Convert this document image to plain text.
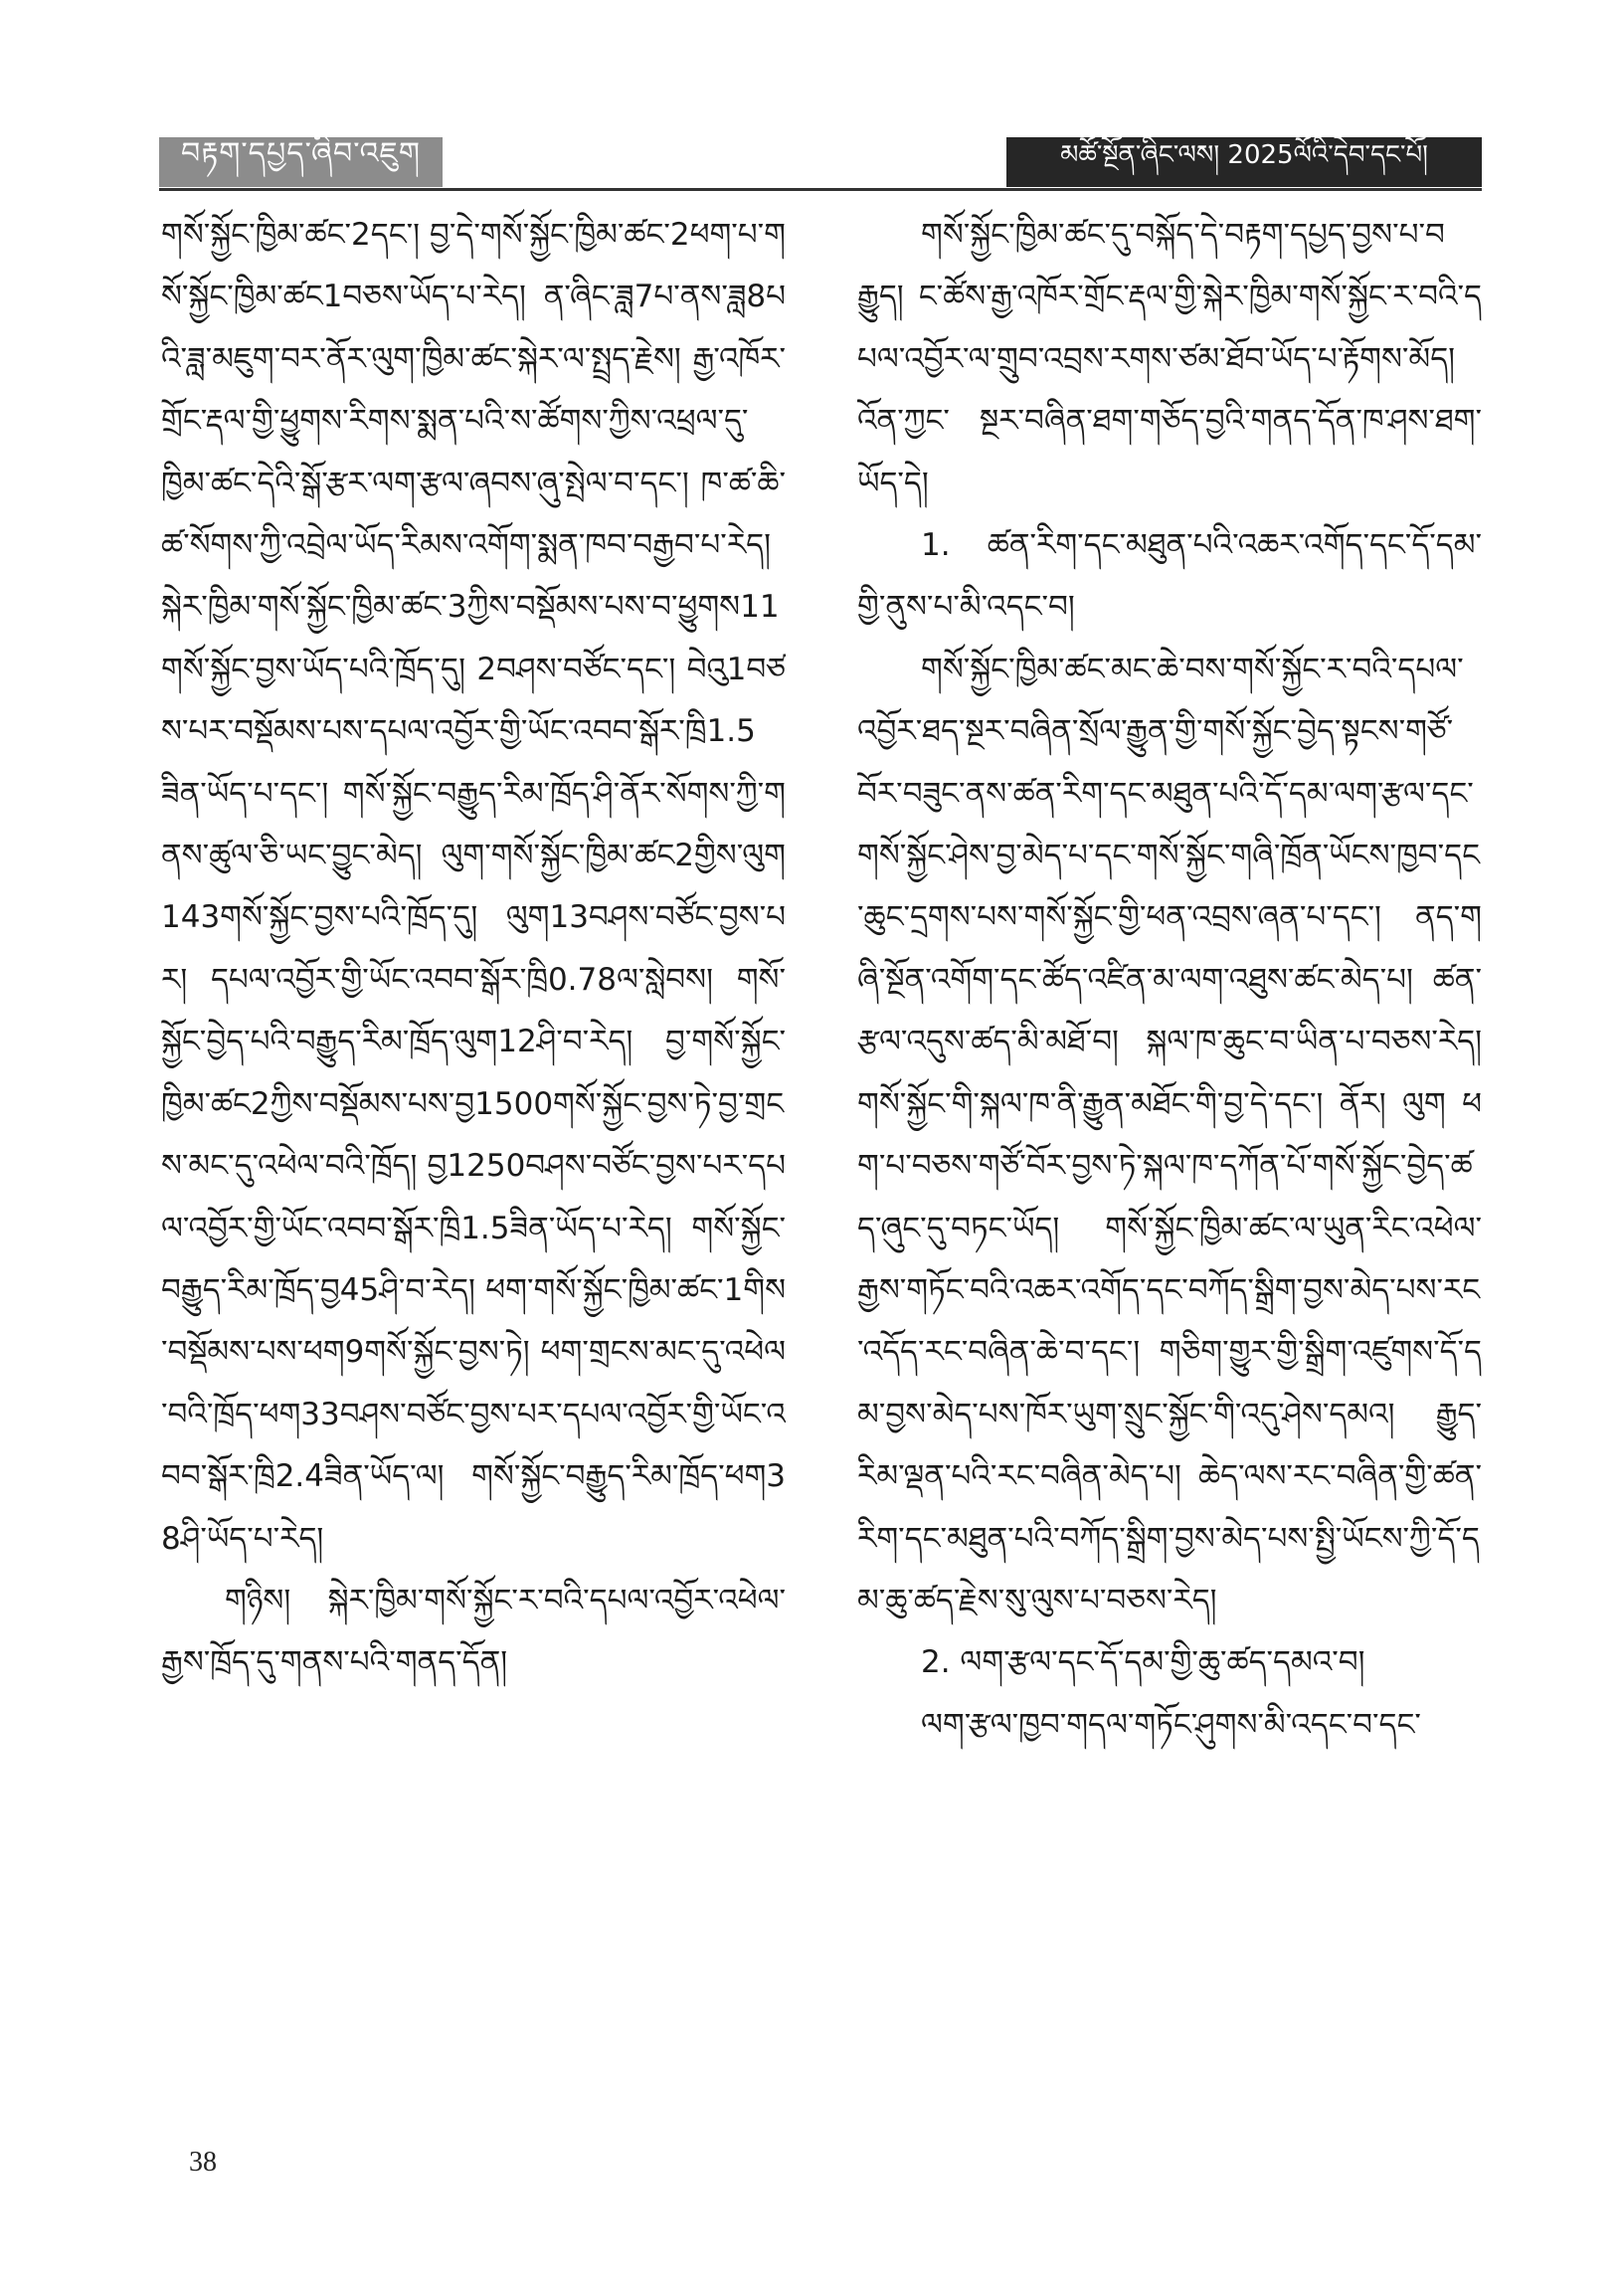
བརྟག་དཔྱད་ཞིབ་འཇུག	མཚོ་སྔོན་ཞིང་ལས། 2025ལོའི་དེབ་དང་པོ།

གསོ་སྐྱོང་ཁྱིམ་ཚང་2དང་། བྱ་དེ་གསོ་སྐྱོང་ཁྱིམ་ཚང་2ཕག་པ་གསོ་སྐྱོང་ཁྱིམ་ཚང1བཅས་ཡོད་པ་རེད། ན་ཞིང་ཟླ7པ་ནས་ཟླ8པའི་ཟླ་མཇུག་བར་ནོར་ལུག་ཁྱིམ་ཚང་སྐེར་ལ་སྤྲད་རྗེས། རྒྱ་འཁོར་གྲོང་རྡལ་གྱི་ཕྱུགས་རིགས་སྨན་པའི་ས་ཚོགས་ཀྱིས་འཕྲལ་དུ་ཁྱིམ་ཚང་དེའི་སྒོ་རྩར་ལག་རྩལ་ཞབས་ཞུ་སྤེལ་བ་དང་། ཁ་ཚ་ཆི་ཚ་སོགས་ཀྱི་འབྲེལ་ཡོད་རིམས་འགོག་སྨན་ཁབ་བརྒྱབ་པ་རེད། སྐེར་ཁྱིམ་གསོ་སྐྱོང་ཁྱིམ་ཚང་3ཀྱིས་བསྡོམས་པས་བ་ཕྱུགས11གསོ་སྐྱོང་བྱས་ཡོད་པའི་ཁྲོད་དུ། 2བཤས་བཙོང་དང་། བེའུ1བཙས་པར་བསྡོམས་པས་དཔལ་འབྱོར་གྱི་ཡོང་འབབ་སྒོར་ཁྲི1.5ཟིན་ཡོད་པ་དང་། གསོ་སྐྱོང་བརྒྱུད་རིམ་ཁྲོད་ཤི་ནོར་སོགས་ཀྱི་གནས་ཚུལ་ཅི་ཡང་བྱུང་མེད། ལུག་གསོ་སྐྱོང་ཁྱིམ་ཚང2གྱིས་ལུག143གསོ་སྐྱོང་བྱས་པའི་ཁྲོད་དུ། ལུག13བཤས་བཙོང་བྱས་པར། དཔལ་འབྱོར་གྱི་ཡོང་འབབ་སྒོར་ཁྲི0.78ལ་སླེབས། གསོ་སྐྱོང་བྱེད་པའི་བརྒྱུད་རིམ་ཁྲོད་ལུག12ཤི་བ་རེད། བྱ་གསོ་སྐྱོང་ཁྱིམ་ཚང2ཀྱིས་བསྡོམས་པས་བྱ1500གསོ་སྐྱོང་བྱས་ཏེ་བྱ་གྲངས་མང་དུ་འཕེལ་བའི་ཁྲོད། བྱ1250བཤས་བཙོང་བྱས་པར་དཔལ་འབྱོར་གྱི་ཡོང་འབབ་སྒོར་ཁྲི1.5ཟིན་ཡོད་པ་རེད། གསོ་སྐྱོང་བརྒྱུད་རིམ་ཁྲོད་བྱ45ཤི་བ་རེད། ཕག་གསོ་སྐྱོང་ཁྱིམ་ཚང་1གིས་བསྡོམས་པས་ཕག9གསོ་སྐྱོང་བྱས་ཏེ། ཕག་གྲངས་མང་དུ་འཕེལ་བའི་ཁྲོད་ཕག33བཤས་བཙོང་བྱས་པར་དཔལ་འབྱོར་གྱི་ཡོང་འབབ་སྒོར་ཁྲི2.4ཟིན་ཡོད་ལ། གསོ་སྐྱོང་བརྒྱུད་རིམ་ཁྲོད་ཕག38ཤི་ཡོད་པ་རེད།

གཉིས། སྐེར་ཁྱིམ་གསོ་སྐྱོང་ར་བའི་དཔལ་འབྱོར་འཕེལ་རྒྱས་ཁྲོད་དུ་གནས་པའི་གནད་དོན།

གསོ་སྐྱོང་ཁྱིམ་ཚང་དུ་བསྐོད་དེ་བརྟག་དཔྱད་བྱས་པ་བརྒྱུད། ང་ཚོས་རྒྱ་འཁོར་གྲོང་རྡལ་གྱི་སྐེར་ཁྱིམ་གསོ་སྐྱོང་ར་བའི་དཔལ་འབྱོར་ལ་གྲུབ་འབྲས་རགས་ཙམ་ཐོབ་ཡོད་པ་རྟོགས་མོད། འོན་ཀྱང་ སྔར་བཞིན་ཐག་གཅོད་བྱའི་གནད་དོན་ཁ་ཤས་ཐག་ཡོད་དེ།

1. ཚན་རིག་དང་མཐུན་པའི་འཆར་འགོད་དང་དོ་དམ་གྱི་ནུས་པ་མི་འདང་བ།

གསོ་སྐྱོང་ཁྱིམ་ཚང་མང་ཆེ་བས་གསོ་སྐྱོང་ར་བའི་དཔལ་འབྱོར་ཐད་སྔར་བཞིན་སྲོལ་རྒྱུན་གྱི་གསོ་སྐྱོང་བྱེད་སྟངས་གཙོ་བོར་བཟུང་ནས་ཚན་རིག་དང་མཐུན་པའི་དོ་དམ་ལག་རྩལ་དང་གསོ་སྐྱོང་ཤེས་བྱ་མེད་པ་དང་གསོ་སྐྱོང་གཞི་ཁྲོན་ཡོངས་ཁྱབ་དང་ཆུང་དྲགས་པས་གསོ་སྐྱོང་གྱི་ཕན་འབྲས་ཞན་པ་དང་། ནད་གཞི་སྔོན་འགོག་དང་ཚོད་འཛིན་མ་ལག་འཐུས་ཚང་མེད་པ། ཚན་རྩལ་འདུས་ཚད་མི་མཐོ་བ། སྐལ་ཁ་ཆུང་བ་ཡིན་པ་བཅས་རེད། གསོ་སྐྱོང་གི་སྐལ་ཁ་ནི་རྒྱུན་མཐོང་གི་བྱ་དེ་དང་། ནོར། ལུག ཕག་པ་བཅས་གཙོ་བོར་བྱས་ཏེ་སྐལ་ཁ་དཀོན་པོ་གསོ་སྐྱོང་བྱེད་ཚད་ཞུང་དུ་བཏང་ཡོད། གསོ་སྐྱོང་ཁྱིམ་ཚང་ལ་ཡུན་རིང་འཕེལ་རྒྱས་གཏོང་བའི་འཆར་འགོད་དང་བཀོད་སྒྲིག་བྱས་མེད་པས་རང་འདོད་རང་བཞིན་ཆེ་བ་དང་། གཅིག་གྱུར་གྱི་སྒྲིག་འཛུགས་དོ་དམ་བྱས་མེད་པས་ཁོར་ཡུག་སྲུང་སྐྱོང་གི་འདུ་ཤེས་དམའ། རྒྱུད་རིམ་ལྡན་པའི་རང་བཞིན་མེད་པ། ཆེད་ལས་རང་བཞིན་གྱི་ཚན་རིག་དང་མཐུན་པའི་བཀོད་སྒྲིག་བྱས་མེད་པས་སྤྱི་ཡོངས་ཀྱི་དོ་དམ་ཆུ་ཚད་རྗེས་སུ་ལུས་པ་བཅས་རེད།

2. ལག་རྩལ་དང་དོ་དམ་གྱི་ཆུ་ཚད་དམའ་བ།

ལག་རྩལ་ཁྱབ་གདལ་གཏོང་ཤུགས་མི་འདང་བ་དང་

38
